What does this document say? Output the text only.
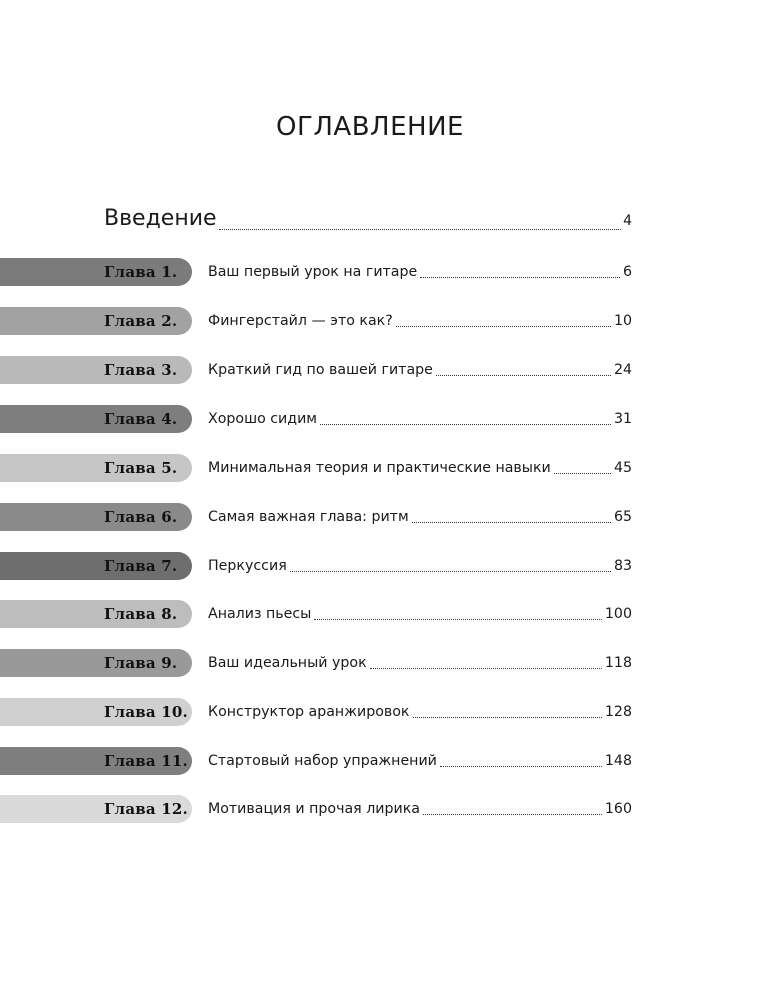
ОГЛАВЛЕНИЕ
Введение	4
Глава 1. Ваш первый урок на гитаре	6
Глава 2. Фингерстайл — это как?	10
Глава 3. Краткий гид по вашей гитаре	24
Глава 4. Хорошо сидим	31
Глава 5. Минимальная теория и практические навыки	45
Глава 6. Самая важная глава: ритм	65
Глава 7. Перкуссия	83
Глава 8. Анализ пьесы	100
Глава 9. Ваш идеальный урок	118
Глава 10. Конструктор аранжировок	128
Глава 11. Стартовый набор упражнений	148
Глава 12. Мотивация и прочая лирика	160
